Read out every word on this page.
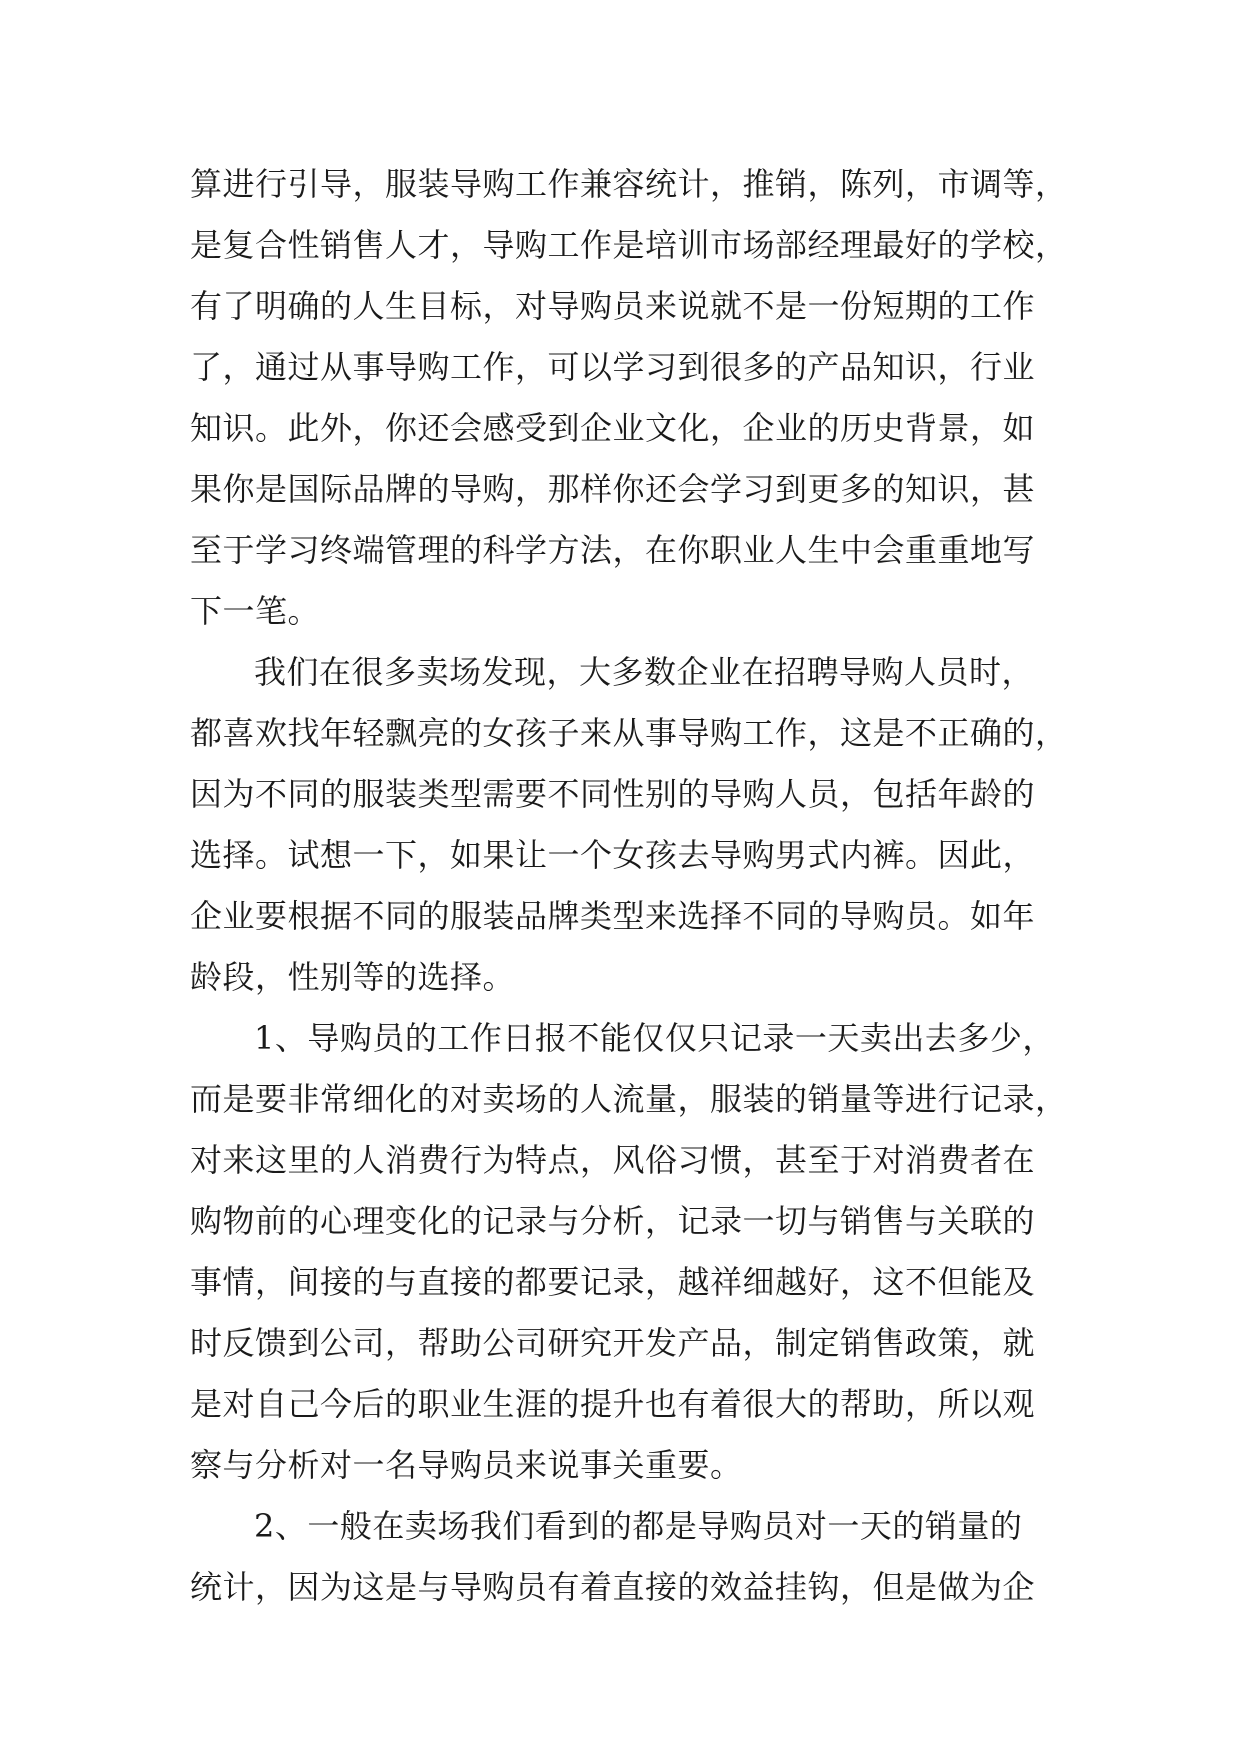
算进行引导，服装导购工作兼容统计，推销，陈列，市调等，
是复合性销售人才，导购工作是培训市场部经理最好的学校，
有了明确的人生目标，对导购员来说就不是一份短期的工作
了，通过从事导购工作，可以学习到很多的产品知识，行业
知识。此外，你还会感受到企业文化，企业的历史背景，如
果你是国际品牌的导购，那样你还会学习到更多的知识，甚
至于学习终端管理的科学方法，在你职业人生中会重重地写
下一笔。
我们在很多卖场发现，大多数企业在招聘导购人员时，
都喜欢找年轻飘亮的女孩子来从事导购工作，这是不正确的，
因为不同的服装类型需要不同性别的导购人员，包括年龄的
选择。试想一下，如果让一个女孩去导购男式内裤。因此，
企业要根据不同的服装品牌类型来选择不同的导购员。如年
龄段，性别等的选择。
1、导购员的工作日报不能仅仅只记录一天卖出去多少，
而是要非常细化的对卖场的人流量，服装的销量等进行记录，
对来这里的人消费行为特点，风俗习惯，甚至于对消费者在
购物前的心理变化的记录与分析，记录一切与销售与关联的
事情，间接的与直接的都要记录，越祥细越好，这不但能及
时反馈到公司，帮助公司研究开发产品，制定销售政策，就
是对自己今后的职业生涯的提升也有着很大的帮助，所以观
察与分析对一名导购员来说事关重要。
2、一般在卖场我们看到的都是导购员对一天的销量的
统计，因为这是与导购员有着直接的效益挂钩，但是做为企
